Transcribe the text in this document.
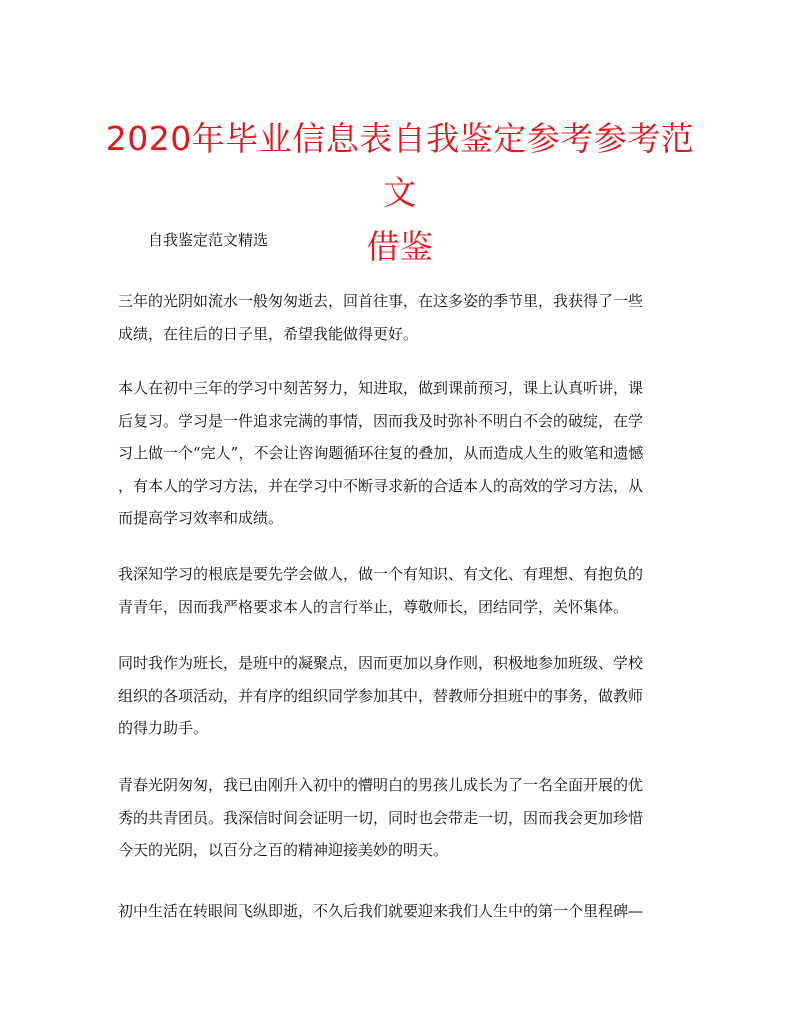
2020年毕业信息表自我鉴定参考参考范文
借鉴
自我鉴定范文精选

三年的光阴如流水一般匆匆逝去，回首往事，在这多姿的季节里，我获得了一些
成绩，在往后的日子里，希望我能做得更好。

本人在初中三年的学习中刻苦努力，知进取，做到课前预习，课上认真听讲，课
后复习。学习是一件追求完满的事情，因而我及时弥补不明白不会的破绽，在学
习上做一个“完人”，不会让咨询题循环往复的叠加，从而造成人生的败笔和遗憾
，有本人的学习方法，并在学习中不断寻求新的合适本人的高效的学习方法，从
而提高学习效率和成绩。

我深知学习的根底是要先学会做人，做一个有知识、有文化、有理想、有抱负的
青青年，因而我严格要求本人的言行举止，尊敬师长，团结同学，关怀集体。

同时我作为班长，是班中的凝聚点，因而更加以身作则，积极地参加班级、学校
组织的各项活动，并有序的组织同学参加其中，替教师分担班中的事务，做教师
的得力助手。

青春光阴匆匆，我已由刚升入初中的懵明白的男孩儿成长为了一名全面开展的优
秀的共青团员。我深信时间会证明一切，同时也会带走一切，因而我会更加珍惜
今天的光阴，以百分之百的精神迎接美妙的明天。

初中生活在转眼间飞纵即逝，不久后我们就要迎来我们人生中的第一个里程碑—
